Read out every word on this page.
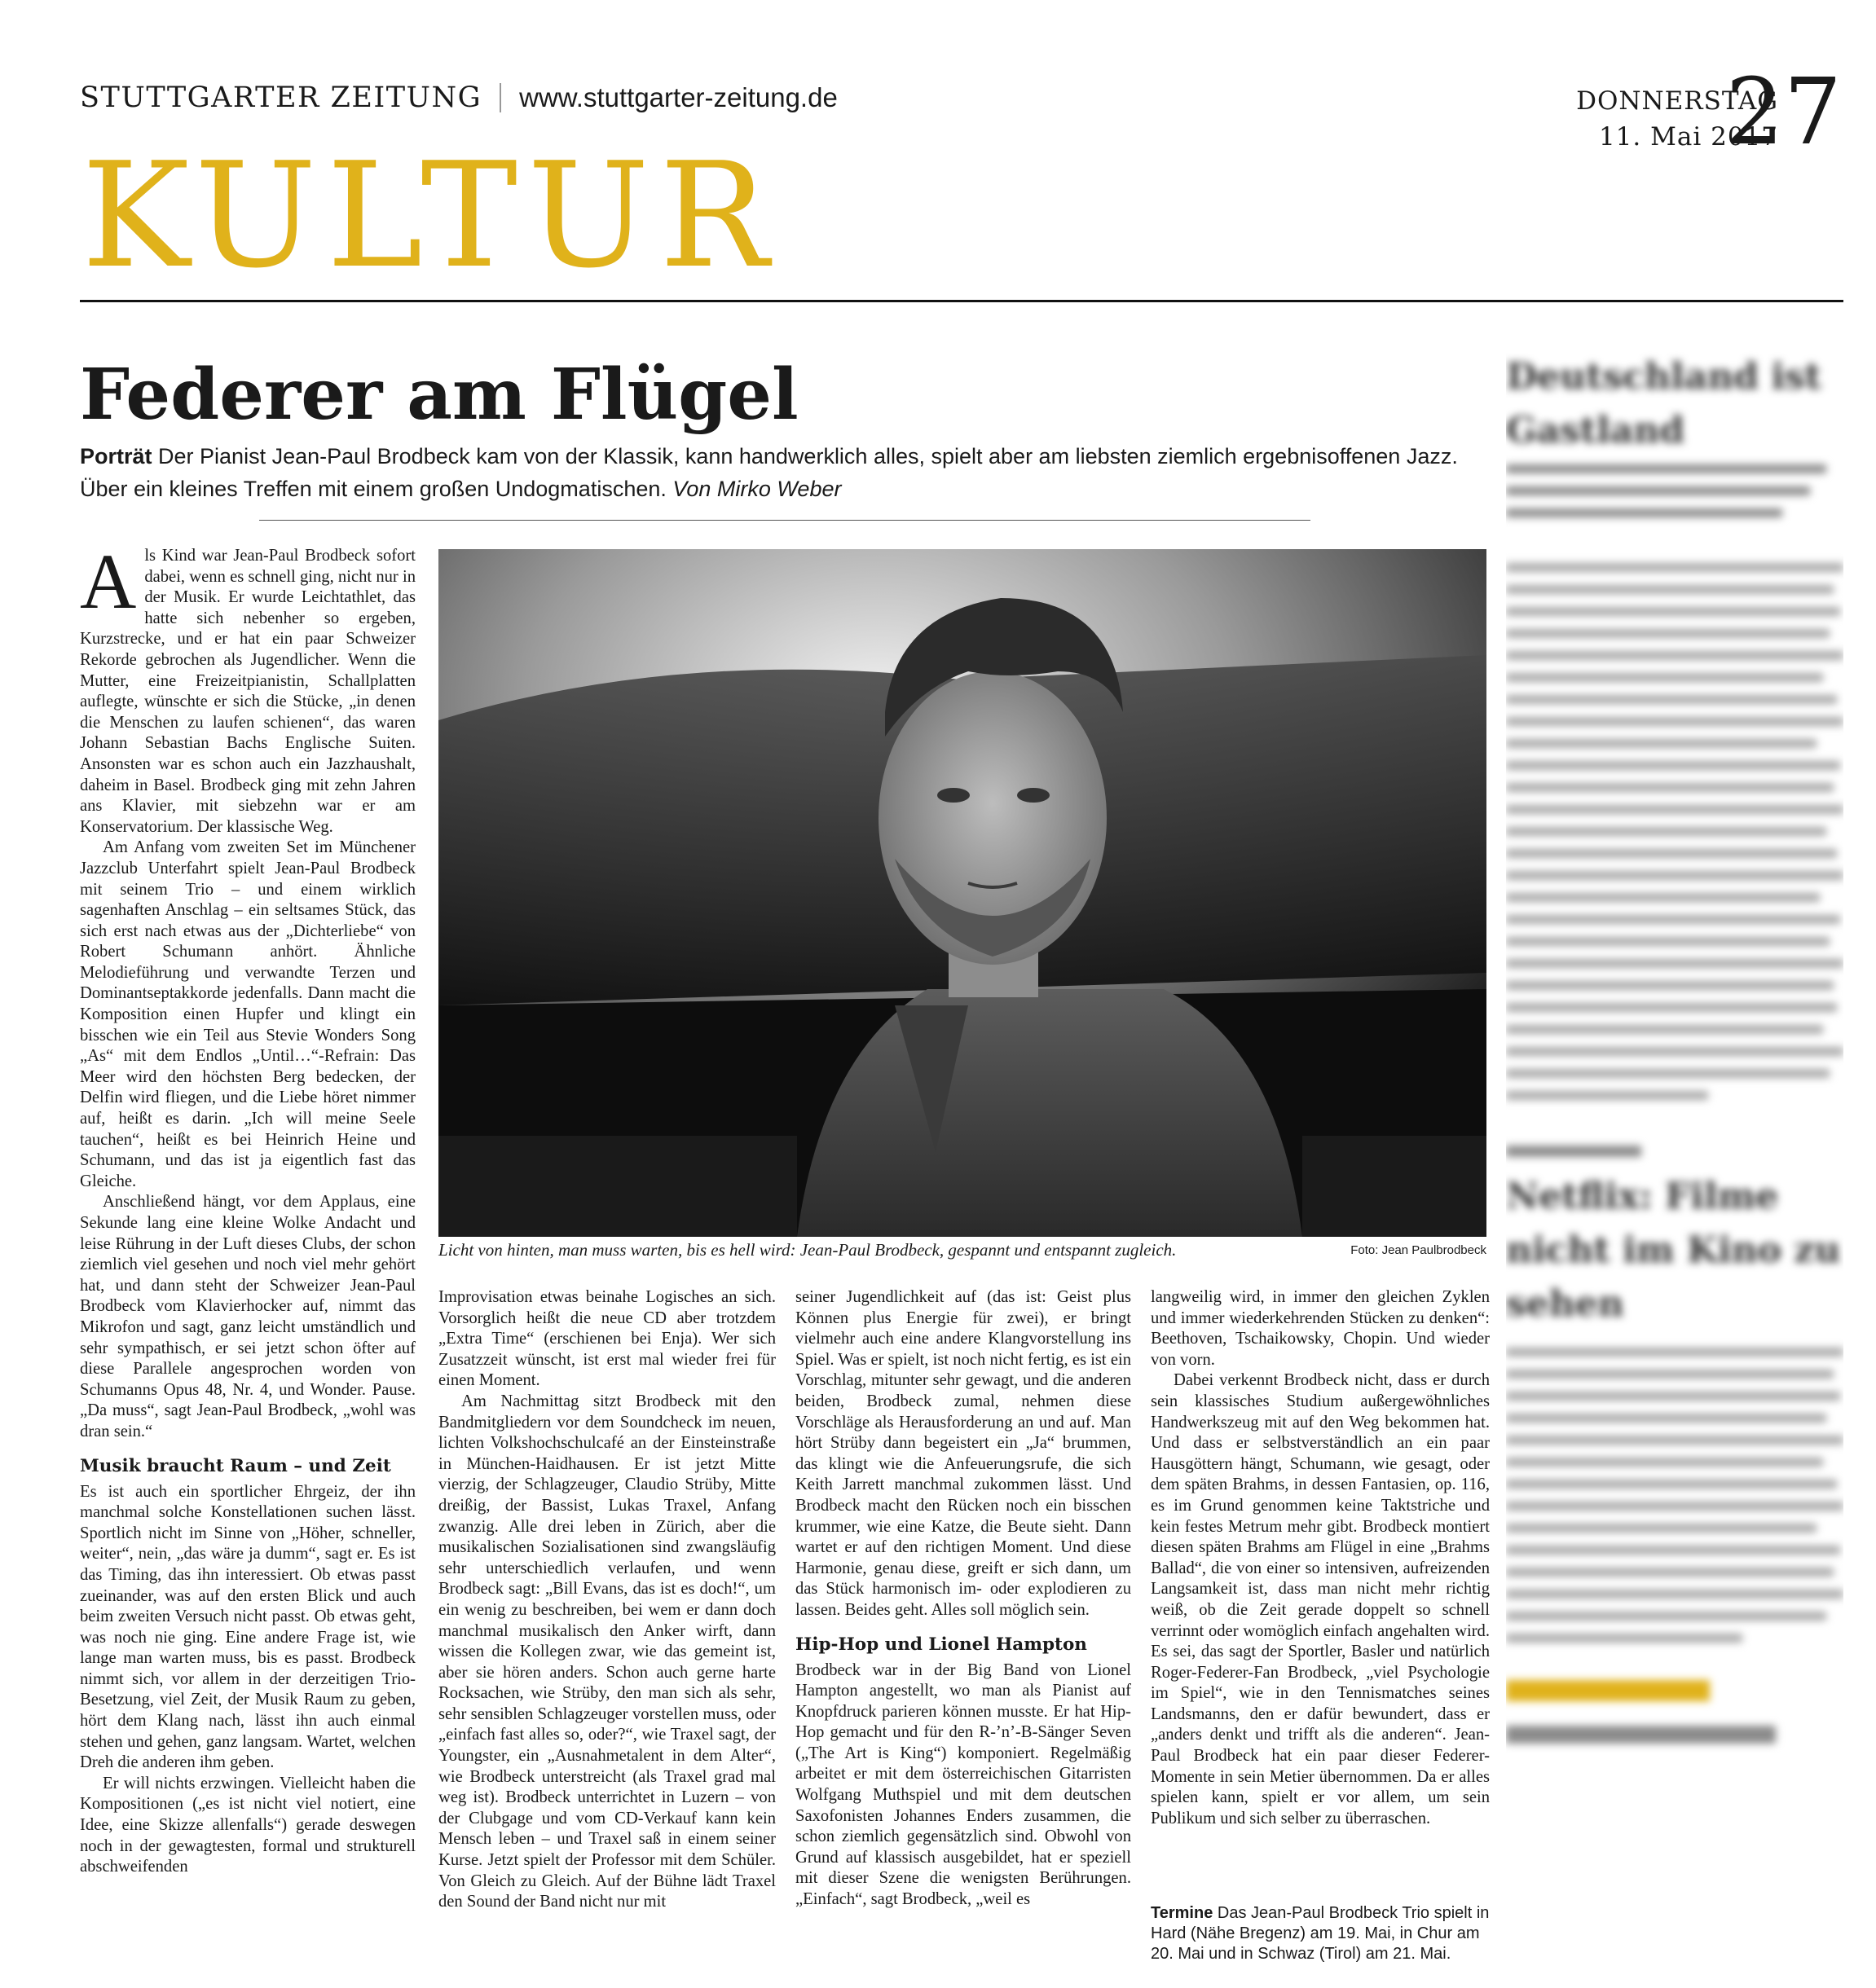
STUTTGARTER ZEITUNG www.stuttgarter-zeitung.de	DONNERSTAG
11. Mai 2017
27
KULTUR
Federer am Flügel
Porträt Der Pianist Jean-Paul Brodbeck kam von der Klassik, kann handwerklich alles, spielt aber am liebsten ziemlich ergebnisoffenen Jazz. Über ein kleines Treffen mit einem großen Undogmatischen. Von Mirko Weber

Als Kind war Jean-Paul Brodbeck sofort dabei, wenn es schnell ging, nicht nur in der Musik. Er wurde Leichtathlet, das hatte sich nebenher so ergeben, Kurzstrecke, und er hat ein paar Schweizer Rekorde gebrochen als Jugendlicher. Wenn die Mutter, eine Freizeitpianistin, Schallplatten auflegte, wünschte er sich die Stücke, „in denen die Menschen zu laufen schienen“, das waren Johann Sebastian Bachs Englische Suiten. Ansonsten war es schon auch ein Jazzhaushalt, daheim in Basel. Brodbeck ging mit zehn Jahren ans Klavier, mit siebzehn war er am Konservatorium. Der klassische Weg.

Am Anfang vom zweiten Set im Münchener Jazzclub Unterfahrt spielt Jean-Paul Brodbeck mit seinem Trio – und einem wirklich sagenhaften Anschlag – ein seltsames Stück, das sich erst nach etwas aus der „Dichterliebe“ von Robert Schumann anhört. Ähnliche Melodieführung und verwandte Terzen und Dominantseptakkorde jedenfalls. Dann macht die Komposition einen Hupfer und klingt ein bisschen wie ein Teil aus Stevie Wonders Song „As“ mit dem Endlos „Until…“-Refrain: Das Meer wird den höchsten Berg bedecken, der Delfin wird fliegen, und die Liebe höret nimmer auf, heißt es darin. „Ich will meine Seele tauchen“, heißt es bei Heinrich Heine und Schumann, und das ist ja eigentlich fast das Gleiche.

Anschließend hängt, vor dem Applaus, eine Sekunde lang eine kleine Wolke Andacht und leise Rührung in der Luft dieses Clubs, der schon ziemlich viel gesehen und noch viel mehr gehört hat, und dann steht der Schweizer Jean-Paul Brodbeck vom Klavierhocker auf, nimmt das Mikrofon und sagt, ganz leicht umständlich und sehr sympathisch, er sei jetzt schon öfter auf diese Parallele angesprochen worden von Schumanns Opus 48, Nr. 4, und Wonder. Pause. „Da muss“, sagt Jean-Paul Brodbeck, „wohl was dran sein.“

Musik braucht Raum – und Zeit

Es ist auch ein sportlicher Ehrgeiz, der ihn manchmal solche Konstellationen suchen lässt. Sportlich nicht im Sinne von „Höher, schneller, weiter“, nein, „das wäre ja dumm“, sagt er. Es ist das Timing, das ihn interessiert. Ob etwas passt zueinander, was auf den ersten Blick und auch beim zweiten Versuch nicht passt. Ob etwas geht, was noch nie ging. Eine andere Frage ist, wie lange man warten muss, bis es passt. Brodbeck nimmt sich, vor allem in der derzeitigen Trio-Besetzung, viel Zeit, der Musik Raum zu geben, hört dem Klang nach, lässt ihn auch einmal stehen und gehen, ganz langsam. Wartet, welchen Dreh die anderen ihm geben.

Er will nichts erzwingen. Vielleicht haben die Kompositionen („es ist nicht viel notiert, eine Idee, eine Skizze allenfalls“) gerade deswegen noch in der gewagtesten, formal und strukturell abschweifenden

Licht von hinten, man muss warten, bis es hell wird: Jean-Paul Brodbeck, gespannt und entspannt zugleich.	Foto: Jean Paulbrodbeck

Improvisation etwas beinahe Logisches an sich. Vorsorglich heißt die neue CD aber trotzdem „Extra Time“ (erschienen bei Enja). Wer sich Zusatzzeit wünscht, ist erst mal wieder frei für einen Moment.

Am Nachmittag sitzt Brodbeck mit den Bandmitgliedern vor dem Soundcheck im neuen, lichten Volkshochschulcafé an der Einsteinstraße in München-Haidhausen. Er ist jetzt Mitte vierzig, der Schlagzeuger, Claudio Strüby, Mitte dreißig, der Bassist, Lukas Traxel, Anfang zwanzig. Alle drei leben in Zürich, aber die musikalischen Sozialisationen sind zwangsläufig sehr unterschiedlich verlaufen, und wenn Brodbeck sagt: „Bill Evans, das ist es doch!“, um ein wenig zu beschreiben, bei wem er dann doch manchmal musikalisch den Anker wirft, dann wissen die Kollegen zwar, wie das gemeint ist, aber sie hören anders. Schon auch gerne harte Rocksachen, wie Strüby, den man sich als sehr, sehr sensiblen Schlagzeuger vorstellen muss, oder „einfach fast alles so, oder?“, wie Traxel sagt, der Youngster, ein „Ausnahmetalent in dem Alter“, wie Brodbeck unterstreicht (als Traxel grad mal weg ist). Brodbeck unterrichtet in Luzern – von der Clubgage und vom CD-Verkauf kann kein Mensch leben – und Traxel saß in einem seiner Kurse. Jetzt spielt der Professor mit dem Schüler. Von Gleich zu Gleich. Auf der Bühne lädt Traxel den Sound der Band nicht nur mit

seiner Jugendlichkeit auf (das ist: Geist plus Können plus Energie für zwei), er bringt vielmehr auch eine andere Klangvorstellung ins Spiel. Was er spielt, ist noch nicht fertig, es ist ein Vorschlag, mitunter sehr gewagt, und die anderen beiden, Brodbeck zumal, nehmen diese Vorschläge als Herausforderung an und auf. Man hört Strüby dann begeistert ein „Ja“ brummen, das klingt wie die Anfeuerungsrufe, die sich Keith Jarrett manchmal zukommen lässt. Und Brodbeck macht den Rücken noch ein bisschen krummer, wie eine Katze, die Beute sieht. Dann wartet er auf den richtigen Moment. Und diese Harmonie, genau diese, greift er sich dann, um das Stück harmonisch im- oder explodieren zu lassen. Beides geht. Alles soll möglich sein.

Hip-Hop und Lionel Hampton

Brodbeck war in der Big Band von Lionel Hampton angestellt, wo man als Pianist auf Knopfdruck parieren können musste. Er hat Hip-Hop gemacht und für den R-’n’-B-Sänger Seven („The Art is King“) komponiert. Regelmäßig arbeitet er mit dem österreichischen Gitarristen Wolfgang Muthspiel und mit dem deutschen Saxofonisten Johannes Enders zusammen, die schon ziemlich gegensätzlich sind. Obwohl von Grund auf klassisch ausgebildet, hat er speziell mit dieser Szene die wenigsten Berührungen. „Einfach“, sagt Brodbeck, „weil es

langweilig wird, in immer den gleichen Zyklen und immer wiederkehrenden Stücken zu denken“: Beethoven, Tschaikowsky, Chopin. Und wieder von vorn.

Dabei verkennt Brodbeck nicht, dass er durch sein klassisches Studium außergewöhnliches Handwerkszeug mit auf den Weg bekommen hat. Und dass er selbstverständlich an ein paar Hausgöttern hängt, Schumann, wie gesagt, oder dem späten Brahms, in dessen Fantasien, op. 116, es im Grund genommen keine Taktstriche und kein festes Metrum mehr gibt. Brodbeck montiert diesen späten Brahms am Flügel in eine „Brahms Ballad“, die von einer so intensiven, aufreizenden Langsamkeit ist, dass man nicht mehr richtig weiß, ob die Zeit gerade doppelt so schnell verrinnt oder womöglich einfach angehalten wird. Es sei, das sagt der Sportler, Basler und natürlich Roger-Federer-Fan Brodbeck, „viel Psychologie im Spiel“, wie in den Tennismatches seines Landsmanns, den er dafür bewundert, dass er „anders denkt und trifft als die anderen“. Jean-Paul Brodbeck hat ein paar dieser Federer-Momente in sein Metier übernommen. Da er alles spielen kann, spielt er vor allem, um sein Publikum und sich selber zu überraschen.

Termine Das Jean-Paul Brodbeck Trio spielt in Hard (Nähe Bregenz) am 19. Mai, in Chur am 20. Mai und in Schwaz (Tirol) am 21. Mai.
Deutschland ist Gastland
Netflix: Filme nicht im Kino zu sehen
